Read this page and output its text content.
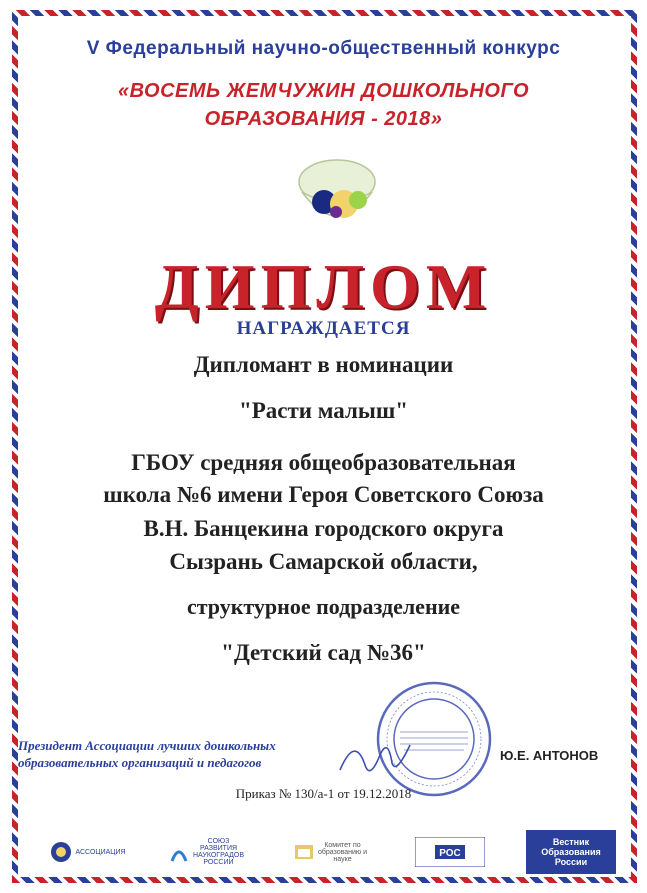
V Федеральный научно-общественный конкурс
«ВОСЕМЬ ЖЕМЧУЖИН ДОШКОЛЬНОГО
ОБРАЗОВАНИЯ - 2018»
ДИПЛОМ
НАГРАЖДАЕТСЯ
Дипломант в номинации
"Расти малыш"
ГБОУ средняя общеобразовательная
школа №6 имени Героя Советского Союза
В.Н. Банцекина городского округа
Сызрань Самарской области,
структурное подразделение
"Детский сад №36"
Президент Ассоциации лучших дошкольных
образовательных организаций и педагогов	Ю.Е. АНТОНОВ
Приказ № 130/а-1 от 19.12.2018
АССОЦИАЦИЯ
СОЮЗ РАЗВИТИЯ НАУКОГРАДОВ РОССИИ
Комитет по образованию и науке	РОС
Вестник Образования России
